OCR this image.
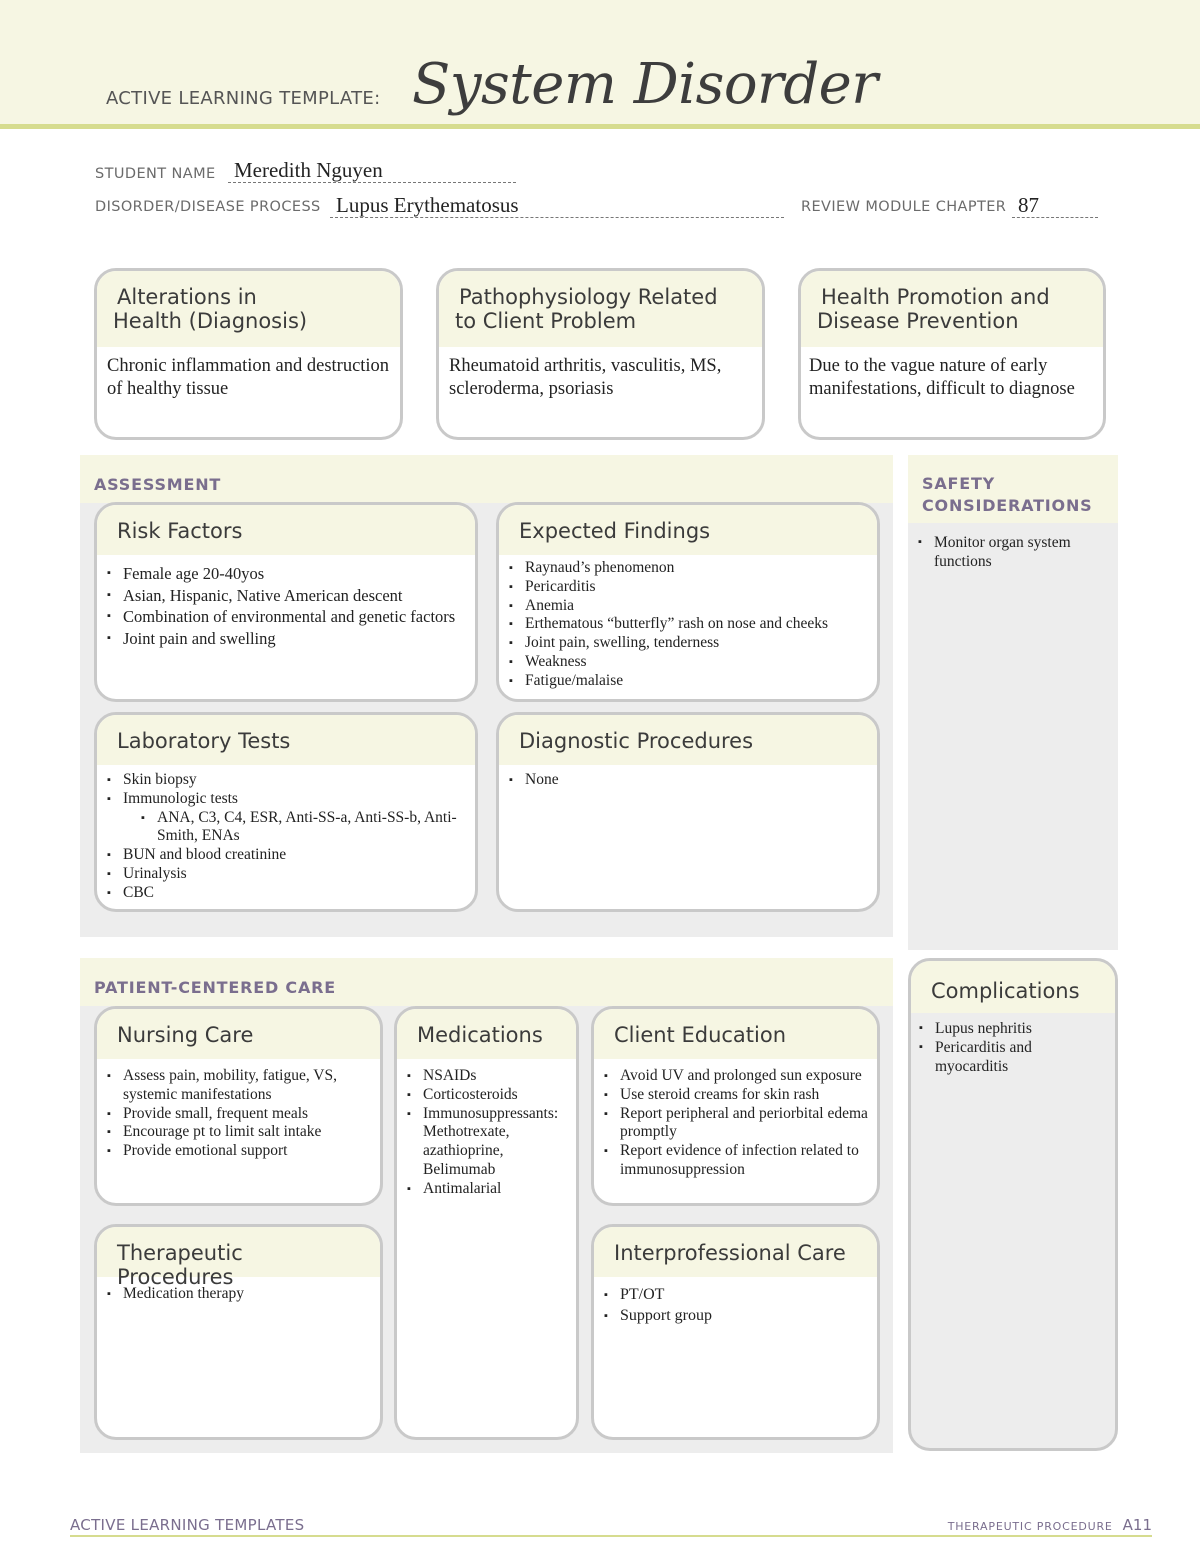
ACTIVE LEARNING TEMPLATE: System Disorder
STUDENT NAME Meredith Nguyen
DISORDER/DISEASE PROCESS Lupus Erythematosus	REVIEW MODULE CHAPTER 87
Alterations in
Health (Diagnosis)
Chronic inflammation and destruction of healthy tissue
Pathophysiology Related
to Client Problem
Rheumatoid arthritis, vasculitis, MS, scleroderma, psoriasis
Health Promotion and
Disease Prevention
Due to the vague nature of early manifestations, difficult to diagnose
ASSESSMENT
Risk Factors
▪ Female age 20-40yos
▪ Asian, Hispanic, Native American descent
▪ Combination of environmental and genetic factors
▪ Joint pain and swelling
Expected Findings
▪ Raynaud’s phenomenon
▪ Pericarditis
▪ Anemia
▪ Erthematous “butterfly” rash on nose and cheeks
▪ Joint pain, swelling, tenderness
▪ Weakness
▪ Fatigue/malaise
Laboratory Tests
▪ Skin biopsy
▪ Immunologic tests
▪ ANA, C3, C4, ESR, Anti-SS-a, Anti-SS-b, Anti-Smith, ENAs
▪ BUN and blood creatinine
▪ Urinalysis
▪ CBC
Diagnostic Procedures
▪ None
SAFETY
CONSIDERATIONS
▪ Monitor organ system functions
PATIENT-CENTERED CARE
Nursing Care
▪ Assess pain, mobility, fatigue, VS, systemic manifestations
▪ Provide small, frequent meals
▪ Encourage pt to limit salt intake
▪ Provide emotional support
Medications
▪ NSAIDs
▪ Corticosteroids
▪ Immunosuppressants: Methotrexate, azathioprine, Belimumab
▪ Antimalarial
Client Education
▪ Avoid UV and prolonged sun exposure
▪ Use steroid creams for skin rash
▪ Report peripheral and periorbital edema promptly
▪ Report evidence of infection related to immunosuppression
Therapeutic Procedures
▪ Medication therapy
Interprofessional Care
▪ PT/OT
▪ Support group
Complications
▪ Lupus nephritis
▪ Pericarditis and myocarditis
ACTIVE LEARNING TEMPLATES	THERAPEUTIC PROCEDURE A11
